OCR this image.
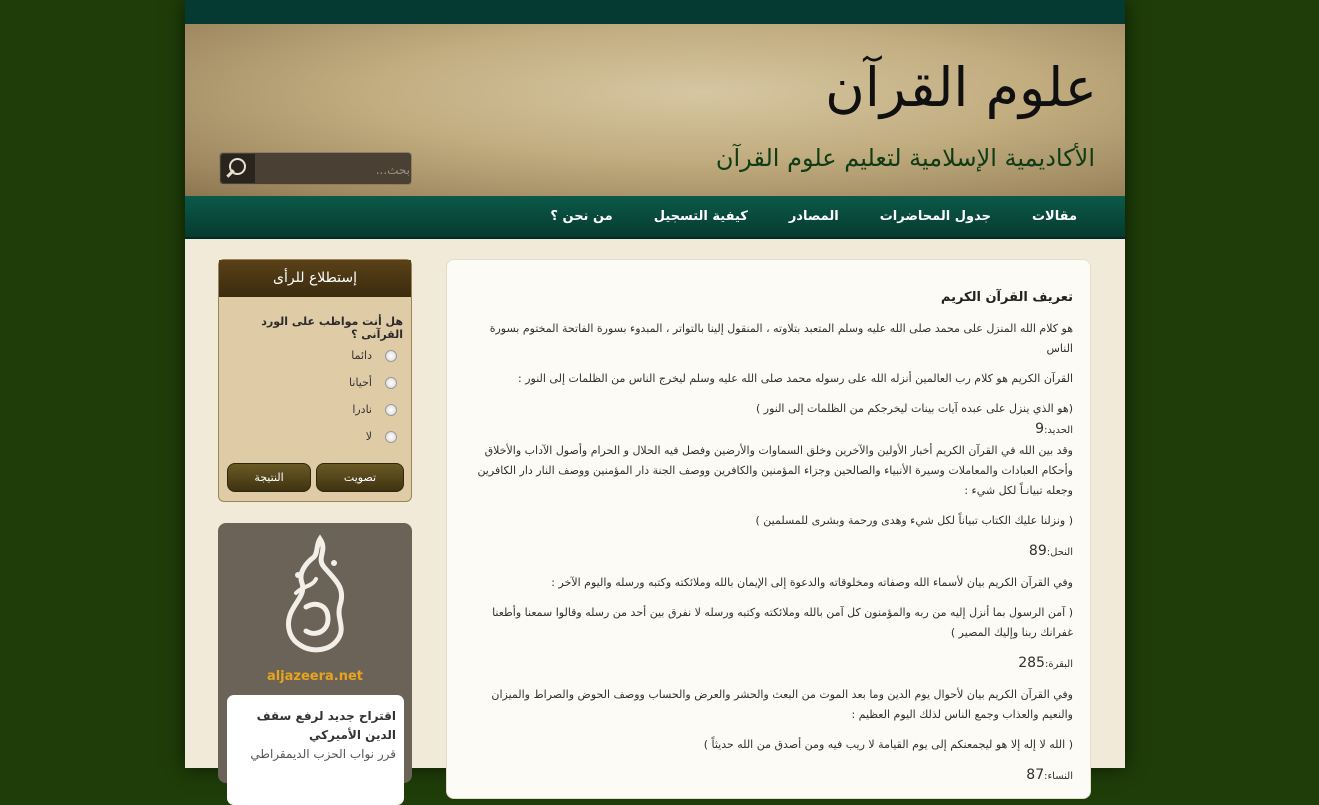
علوم القرآن
الأكاديمية الإسلامية لتعليم علوم القرآن
بحث...
مقالات
جدول المحاضرات
المصادر
كيفية التسجيل
من نحن ؟
تعريف القرآن الكريم

هو كلام الله المنزل على محمد صلى الله عليه وسلم المتعبد بتلاوته ، المنقول إلينا بالتواتر ، المبدوء بسورة الفاتحة المختوم بسورة الناس

القرآن الكريم هو كلام رب العالمين أنزله الله على رسوله محمد صلى الله عليه وسلم ليخرج الناس من الظلمات إلى النور :

(هو الذي ينزل على عبده آيات بينات ليخرجكم من الظلمات إلى النور )

الحديد:9

وقد بين الله في القرآن الكريم أخبار الأولين والآخرين وخلق السماوات والأرضين وفصل فيه الحلال و الحرام وأصول الآداب والأخلاق وأحكام العبادات والمعاملات وسيرة الأنبياء والصالحين وجزاء المؤمنين والكافرين ووصف الجنة دار المؤمنين ووصف النار دار الكافرين وجعله تبيانـاً لكل شيء :

( ونزلنا عليك الكتاب تبياناً لكل شيء وهدى ورحمة وبشرى للمسلمين )

النحل:89

وفي القرآن الكريم بيان لأسماء الله وصفاته ومخلوقاته والدعوة إلى الإيمان بالله وملائكته وكتبه ورسله واليوم الآخر :

( آمن الرسول بما أنزل إليه من ربه والمؤمنون كل آمن بالله وملائكته وكتبه ورسله لا نفرق بين أحد من رسله وقالوا سمعنا وأطعنا غفرانك ربنا وإليك المصير )

البقرة:285

وفي القرآن الكريم بيان لأحوال يوم الدين وما بعد الموت من البعث والحشر والعرض والحساب ووصف الحوض والصراط والميزان والنعيم والعذاب وجمع الناس لذلك اليوم العظيم :

( الله لا إله إلا هو ليجمعنكم إلى يوم القيامة لا ريب فيه ومن أصدق من الله حديثاً )

النساء:87
إستطلاع للرأى
هل أنت مواظب على الورد القرآنى ؟
دائما
أحيانا
نادرا
لا
النتيجة	تصويت
aljazeera.net
اقتراح جديد لرفع سقف الدين الأميركي
قرر نواب الحزب الديمقراطي
